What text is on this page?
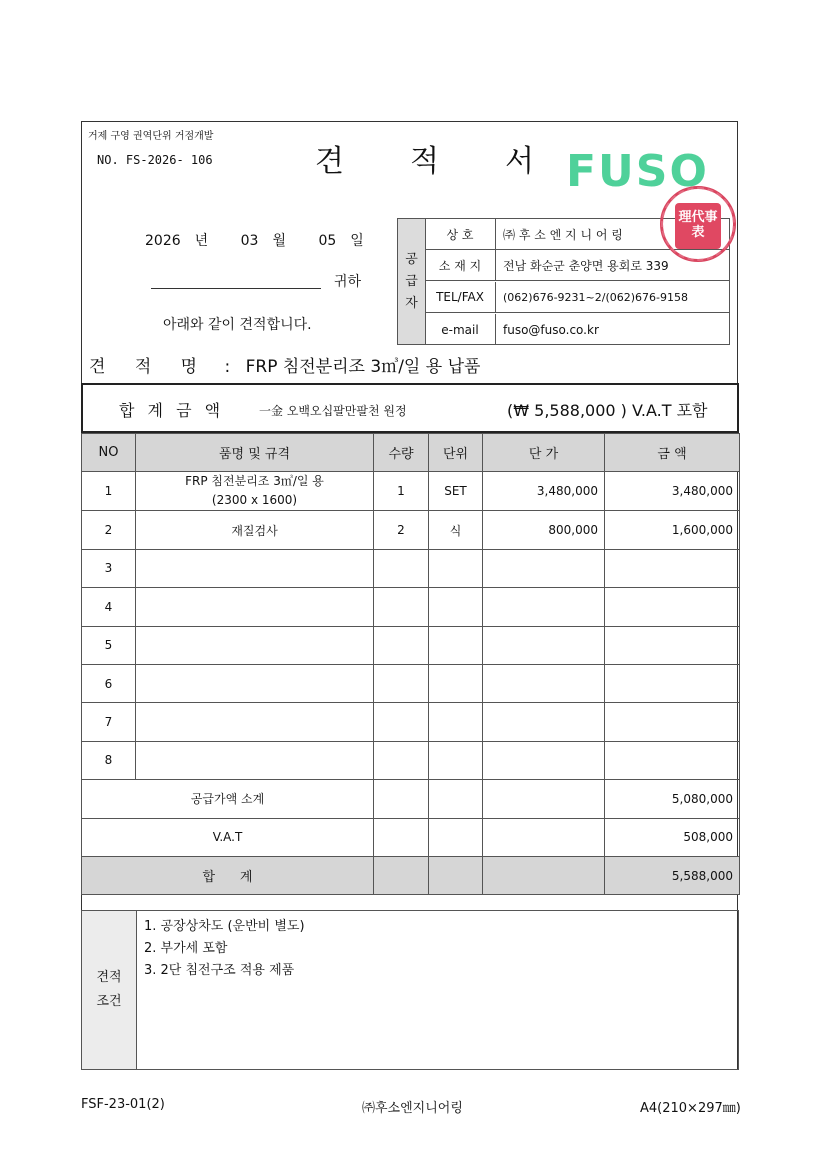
거제 구영 권역단위 거점개발
NO. FS-2026- 106	견 적 서 FUSO
2026 년 03 월 05 일
귀하
아래와 같이 견적합니다.
공
급
자
상 호	㈜ 후 소 엔 지 니 어 링
소 재 지	전남 화순군 춘양면 용회로 339
TEL/FAX	(062)676-9231~2/(062)676-9158
e-mail	fuso@fuso.co.kr
理代事表
견 적 명 : FRP 침전분리조 3㎥/일 용 납품
합 계 금 액	一金 오백오십팔만팔천 원정	(₩ 5,588,000 ) V.A.T 포함
NO	품명 및 규격	수량	단위	단 가	금 액
1	FRP 침전분리조 3㎥/일 용
(2300 x 1600)	1	SET	3,480,000	3,480,000
2	재질검사	2	식	800,000	1,600,000
3					
4					
5					
6					
7					
8					
공급가액 소계					5,080,000
V.A.T					508,000
합      계					5,588,000
견적
조건
1. 공장상차도 (운반비 별도)
2. 부가세 포함
3. 2단 침전구조 적용 제품
FSF-23-01(2)	㈜후소엔지니어링	A4(210×297㎜)
